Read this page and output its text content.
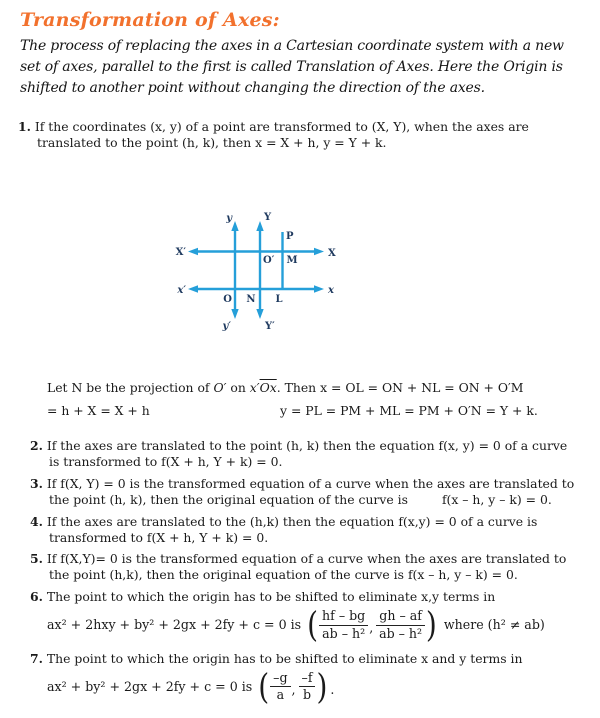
Transformation of Axes:
The process of replacing the axes in a Cartesian coordinate system with a new
set of axes, parallel to the first is called Translation of Axes. Here the Origin is
shifted to another point without changing the direction of the axes.
1. If the coordinates (x, y) of a point are transformed to (X, Y), when the axes are
translated to the point (h, k), then x = X + h, y = Y + k.
y	Y
P
X′	X
O′ M
x′	x
O N L
y′	Y′
Let N be the projection of O′ on $x'\overline{Ox}$. Then x = OL = ON + NL = ON + O′M
= h + X = X + h	y = PL = PM + ML = PM + O′N = Y + k.
2. If the axes are translated to the point (h, k) then the equation f(x, y) = 0 of a curve
is transformed to f(X + h, Y + k) = 0.
3. If f(X, Y) = 0 is the transformed equation of a curve when the axes are translated to
the point (h, k), then the original equation of the curve is	f(x – h, y – k) = 0.
4. If the axes are translated to the (h,k) then the equation f(x,y) = 0 of a curve is
transformed to f(X + h, Y + k) = 0.
5. If f(X,Y)= 0 is the transformed equation of a curve when the axes are translated to
the point (h,k), then the original equation of the curve is f(x – h, y – k) = 0.
6. The point to which the origin has to be shifted to eliminate x,y terms in
ax² + 2hxy + by² + 2gx + 2fy + c = 0 is ( $\frac{hf - bg}{\text{ab – h²}}$ , $\frac{gh - af}{\text{ab – h²}}$ ) where (h² ≠ ab)
7. The point to which the origin has to be shifted to eliminate x and y terms in
ax² + by² + 2gx + 2fy + c = 0 is ( $\frac{-g}{a}$ , $\frac{-f}{b}$ ) .
